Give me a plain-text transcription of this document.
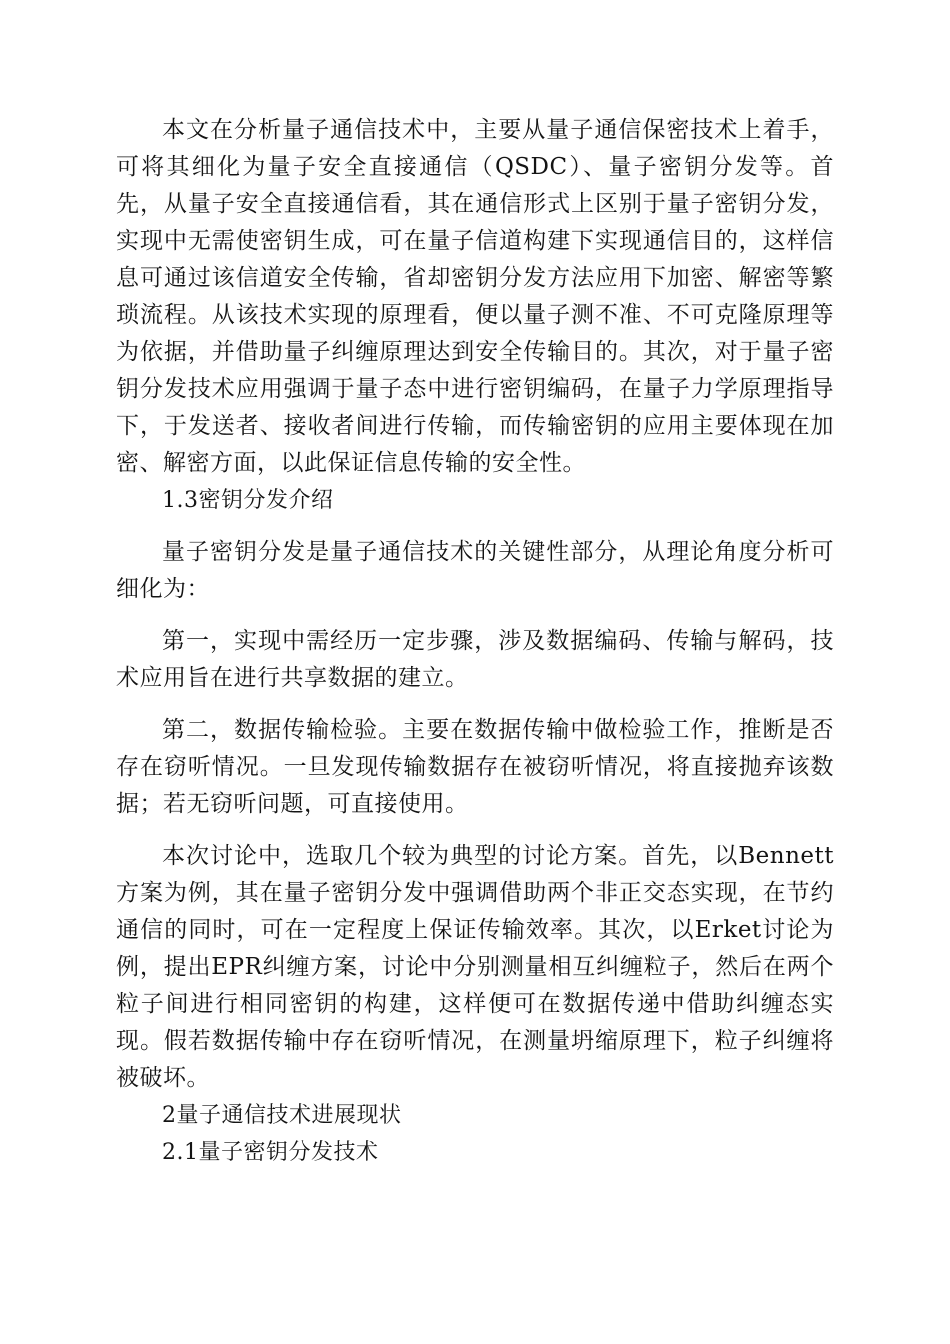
本文在分析量子通信技术中，主要从量子通信保密技术上着手，可将其细化为量子安全直接通信（QSDC）、量子密钥分发等。首先，从量子安全直接通信看，其在通信形式上区别于量子密钥分发，实现中无需使密钥生成，可在量子信道构建下实现通信目的，这样信息可通过该信道安全传输，省却密钥分发方法应用下加密、解密等繁琐流程。从该技术实现的原理看，便以量子测不准、不可克隆原理等为依据，并借助量子纠缠原理达到安全传输目的。其次，对于量子密钥分发技术应用强调于量子态中进行密钥编码，在量子力学原理指导下，于发送者、接收者间进行传输，而传输密钥的应用主要体现在加密、解密方面，以此保证信息传输的安全性。

1.3密钥分发介绍

量子密钥分发是量子通信技术的关键性部分，从理论角度分析可细化为：

第一，实现中需经历一定步骤，涉及数据编码、传输与解码，技术应用旨在进行共享数据的建立。

第二，数据传输检验。主要在数据传输中做检验工作，推断是否存在窃听情况。一旦发现传输数据存在被窃听情况，将直接抛弃该数据；若无窃听问题，可直接使用。

本次讨论中，选取几个较为典型的讨论方案。首先，以Bennett方案为例，其在量子密钥分发中强调借助两个非正交态实现，在节约通信的同时，可在一定程度上保证传输效率。其次，以Erket讨论为例，提出EPR纠缠方案，讨论中分别测量相互纠缠粒子，然后在两个粒子间进行相同密钥的构建，这样便可在数据传递中借助纠缠态实现。假若数据传输中存在窃听情况，在测量坍缩原理下，粒子纠缠将被破坏。

2量子通信技术进展现状

2.1量子密钥分发技术
